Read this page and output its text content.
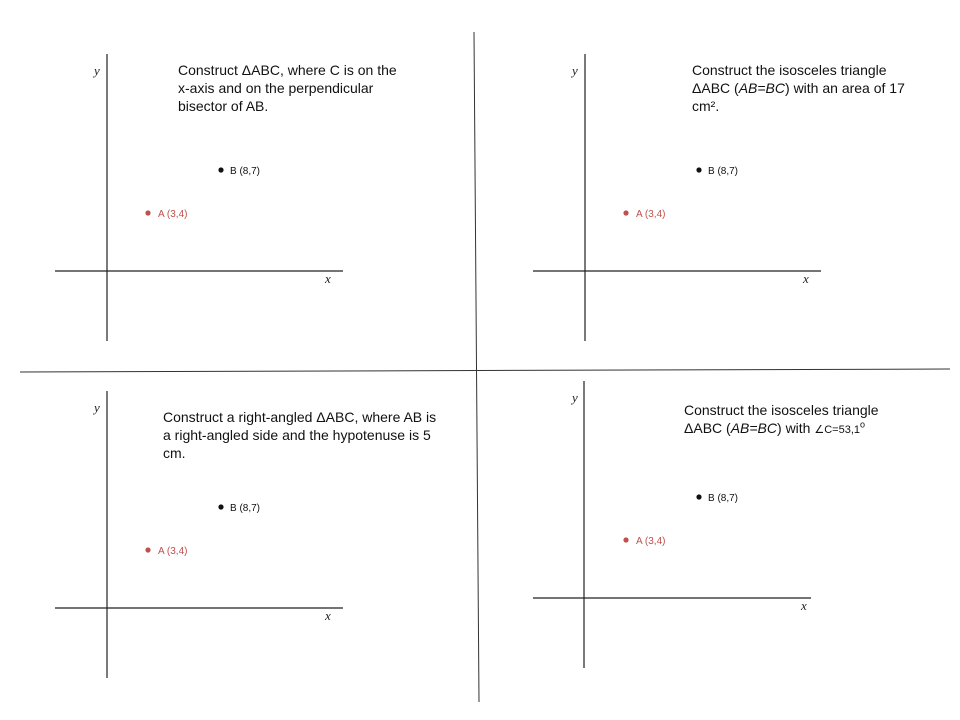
y
x
A (3,4)
B (8,7)
Construct ΔABC, where C is on the
x-axis and on the perpendicular
bisector of AB.
y
x
A (3,4)
B (8,7)
Construct the isosceles triangle
ΔABC (AB=BC) with an area of 17
cm².
y
x
A (3,4)
B (8,7)
Construct a right-angled ΔABC, where AB is
a right-angled side and the hypotenuse is 5
cm.
y
x
A (3,4)
B (8,7)
Construct the isosceles triangle
ΔABC (AB=BC) with $\angle C=53,1^o$
